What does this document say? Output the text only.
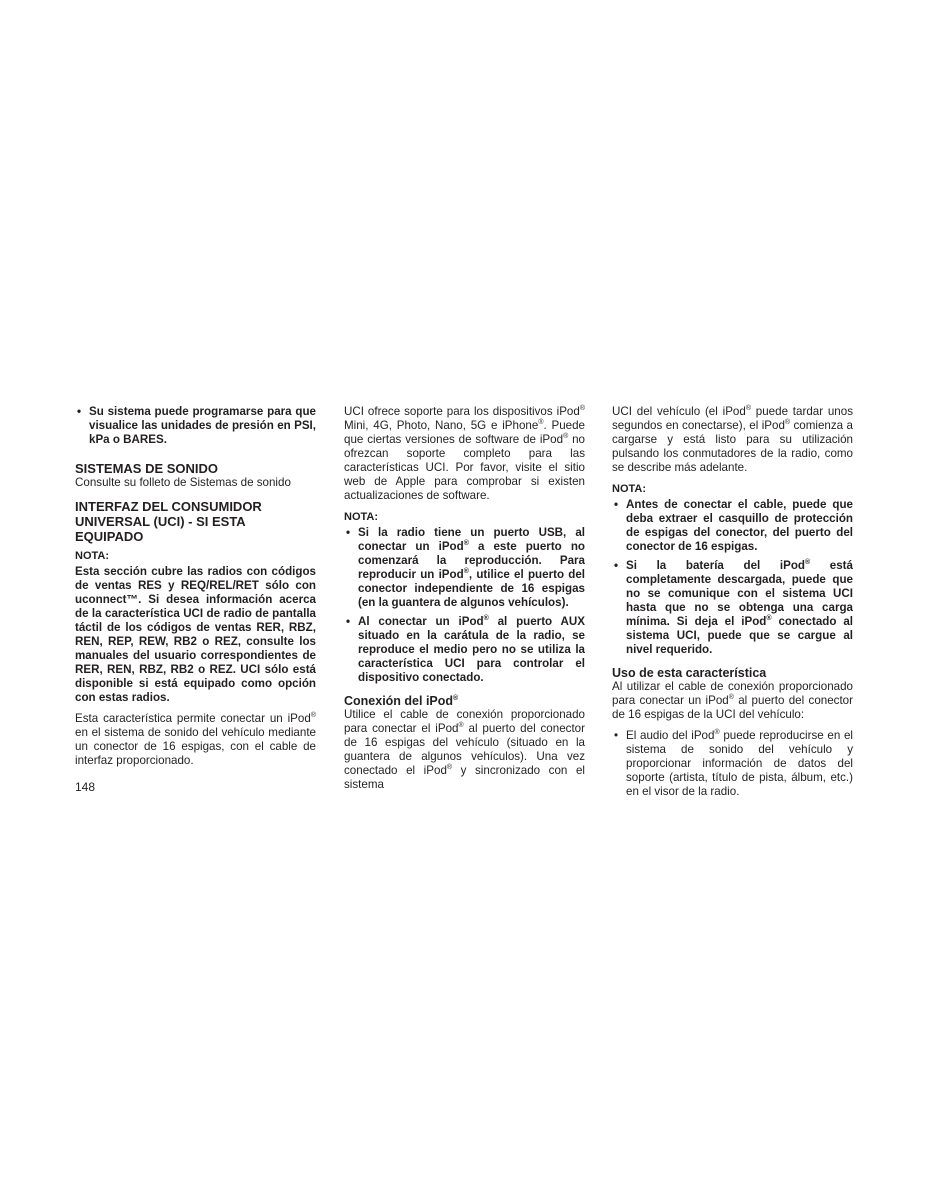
• Su sistema puede programarse para que visualice las unidades de presión en PSI, kPa o BARES.
SISTEMAS DE SONIDO
Consulte su folleto de Sistemas de sonido
INTERFAZ DEL CONSUMIDOR UNIVERSAL (UCI) - SI ESTA EQUIPADO
NOTA:
Esta sección cubre las radios con códigos de ventas RES y REQ/REL/RET sólo con uconnect™. Si desea información acerca de la característica UCI de radio de pantalla táctil de los códigos de ventas RER, RBZ, REN, REP, REW, RB2 o REZ, consulte los manuales del usuario correspondientes de RER, REN, RBZ, RB2 o REZ. UCI sólo está disponible si está equipado como opción con estas radios.
Esta característica permite conectar un iPod® en el sistema de sonido del vehículo mediante un conector de 16 espigas, con el cable de interfaz proporcionado.
UCI ofrece soporte para los dispositivos iPod® Mini, 4G, Photo, Nano, 5G e iPhone®. Puede que ciertas versiones de software de iPod® no ofrezcan soporte completo para las características UCI. Por favor, visite el sitio web de Apple para comprobar si existen actualizaciones de software.
NOTA:
• Si la radio tiene un puerto USB, al conectar un iPod® a este puerto no comenzará la reproducción. Para reproducir un iPod®, utilice el puerto del conector independiente de 16 espigas (en la guantera de algunos vehículos).
• Al conectar un iPod® al puerto AUX situado en la carátula de la radio, se reproduce el medio pero no se utiliza la característica UCI para controlar el dispositivo conectado.
Conexión del iPod®
Utilice el cable de conexión proporcionado para conectar el iPod® al puerto del conector de 16 espigas del vehículo (situado en la guantera de algunos vehículos). Una vez conectado el iPod® y sincronizado con el sistema
UCI del vehículo (el iPod® puede tardar unos segundos en conectarse), el iPod® comienza a cargarse y está listo para su utilización pulsando los conmutadores de la radio, como se describe más adelante.
NOTA:
• Antes de conectar el cable, puede que deba extraer el casquillo de protección de espigas del conector, del puerto del conector de 16 espigas.
• Si la batería del iPod® está completamente descargada, puede que no se comunique con el sistema UCI hasta que no se obtenga una carga mínima. Si deja el iPod® conectado al sistema UCI, puede que se cargue al nivel requerido.
Uso de esta característica
Al utilizar el cable de conexión proporcionado para conectar un iPod® al puerto del conector de 16 espigas de la UCI del vehículo:
• El audio del iPod® puede reproducirse en el sistema de sonido del vehículo y proporcionar información de datos del soporte (artista, título de pista, álbum, etc.) en el visor de la radio.
148
